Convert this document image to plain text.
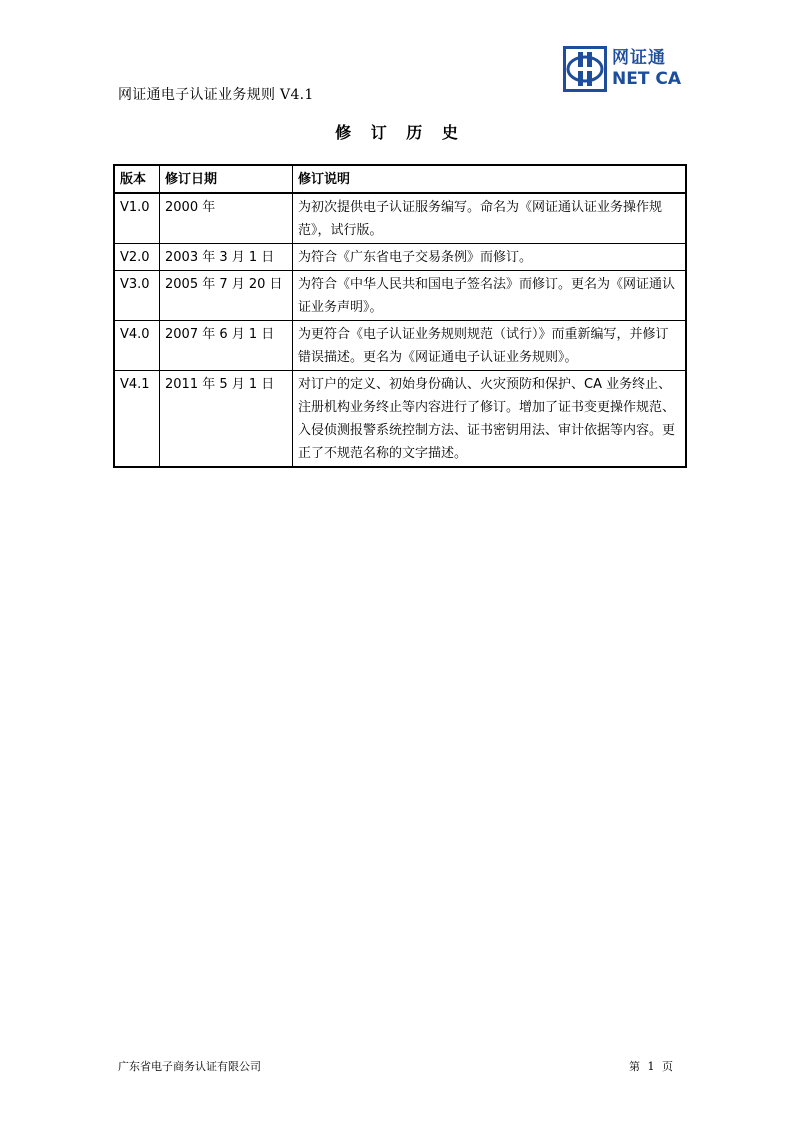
网证通电子认证业务规则 V4.1
网证通
NET CA
修 订 历 史
版本	修订日期	修订说明
V1.0	2000 年	为初次提供电子认证服务编写。命名为《网证通认证业务操作规范》，试行版。
V2.0	2003 年 3 月 1 日	为符合《广东省电子交易条例》而修订。
V3.0	2005 年 7 月 20 日	为符合《中华人民共和国电子签名法》而修订。更名为《网证通认证业务声明》。
V4.0	2007 年 6 月 1 日	为更符合《电子认证业务规则规范（试行）》而重新编写，并修订错误描述。更名为《网证通电子认证业务规则》。
V4.1	2011 年 5 月 1 日	对订户的定义、初始身份确认、火灾预防和保护、CA 业务终止、注册机构业务终止等内容进行了修订。增加了证书变更操作规范、入侵侦测报警系统控制方法、证书密钥用法、审计依据等内容。更正了不规范名称的文字描述。
广东省电子商务认证有限公司	第 1 页
